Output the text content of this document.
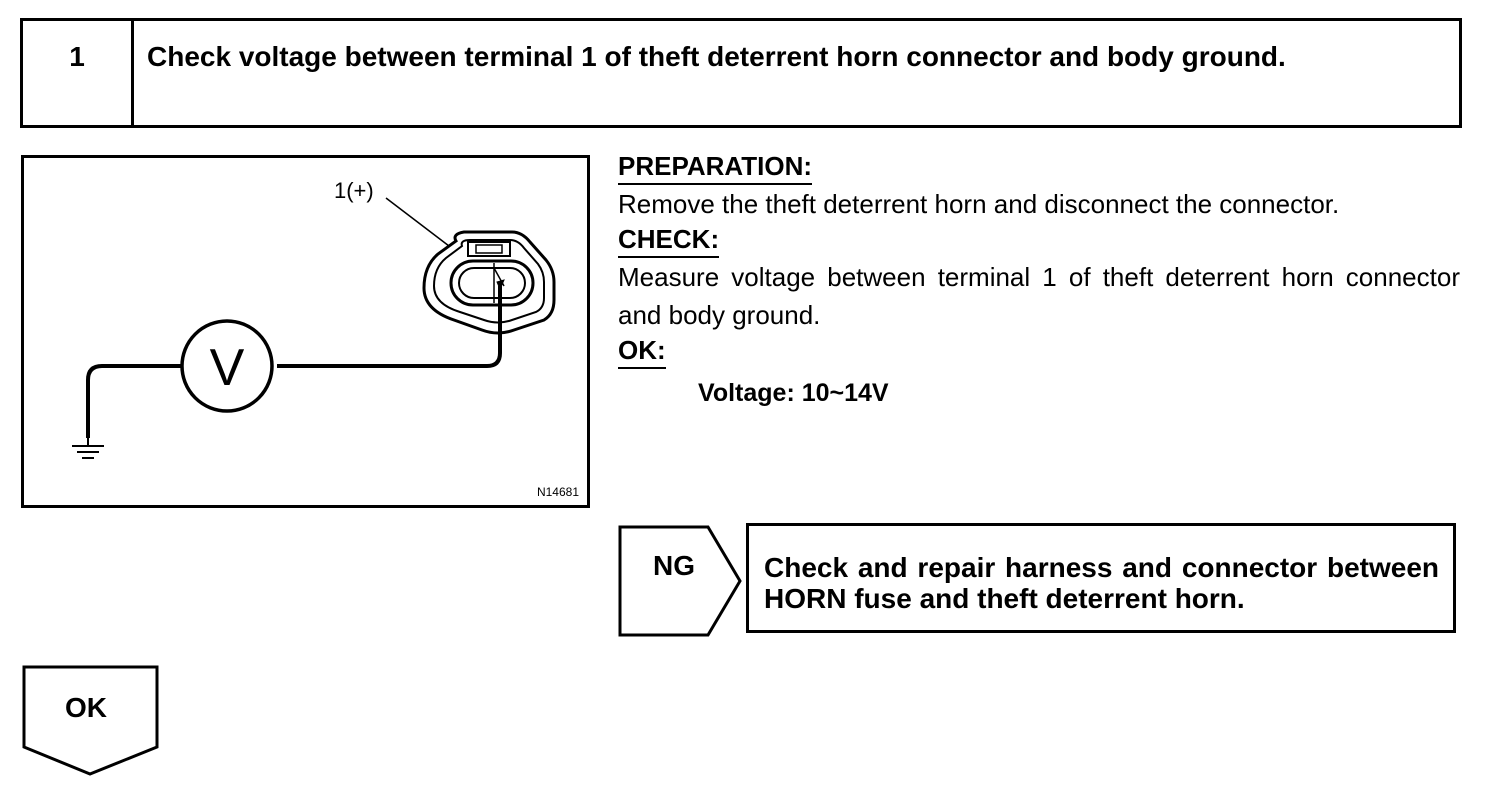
1	Check voltage between terminal 1 of theft deterrent horn connector and body ground.
V
1(+)
N14681
PREPARATION:

Remove the theft deterrent horn and disconnect the connector.

CHECK:

Measure voltage between terminal 1 of theft deterrent horn connector and body ground.

OK:
Voltage: 10~14V
NG	Check and repair harness and connector between HORN fuse and theft deterrent horn.
OK
